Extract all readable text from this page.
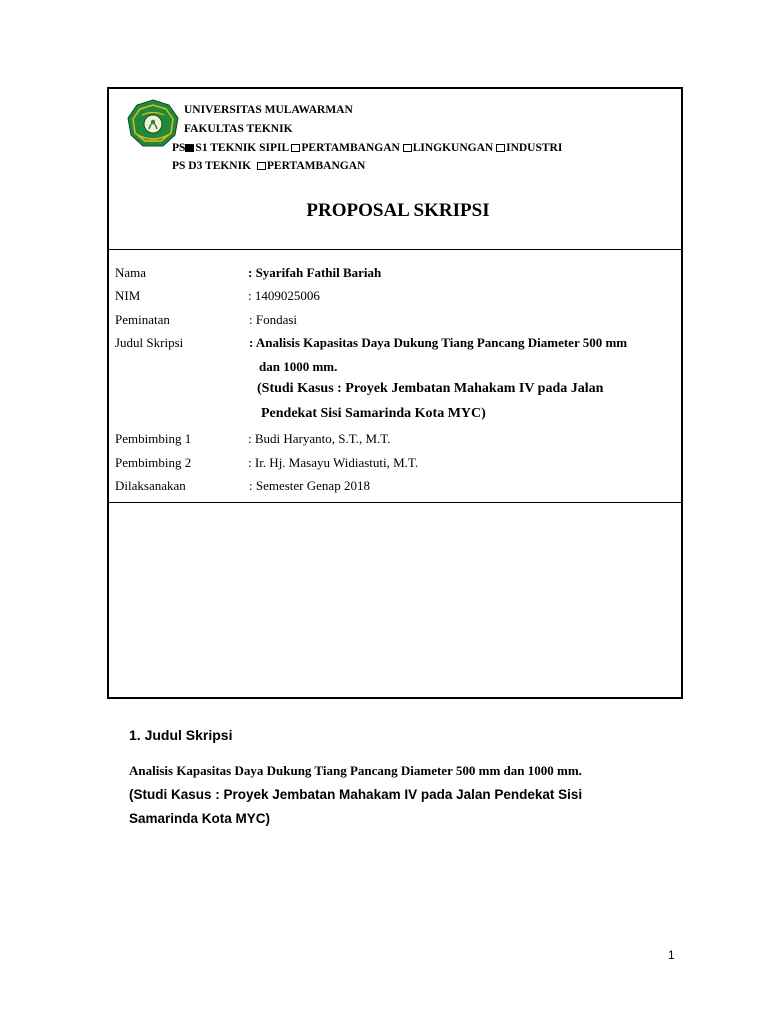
UNIVERSITAS MULAWARMAN
FAKULTAS TEKNIK
PS S1 TEKNIK SIPIL PERTAMBANGAN LINGKUNGAN INDUSTRI
PS D3 TEKNIK PERTAMBANGAN
PROPOSAL SKRIPSI
Nama	: Syarifah Fathil Bariah
NIM	: 1409025006
Peminatan	: Fondasi
Judul Skripsi	: Analisis Kapasitas Daya Dukung Tiang Pancang Diameter 500 mm
dan 1000 mm.
(Studi Kasus : Proyek Jembatan Mahakam IV pada Jalan
Pendekat Sisi Samarinda Kota MYC)
Pembimbing 1	: Budi Haryanto, S.T., M.T.
Pembimbing 2	: Ir. Hj. Masayu Widiastuti, M.T.
Dilaksanakan	: Semester Genap 2018
1. Judul Skripsi
Analisis Kapasitas Daya Dukung Tiang Pancang Diameter 500 mm dan 1000 mm.
(Studi Kasus : Proyek Jembatan Mahakam IV pada Jalan Pendekat Sisi
Samarinda Kota MYC)
1
